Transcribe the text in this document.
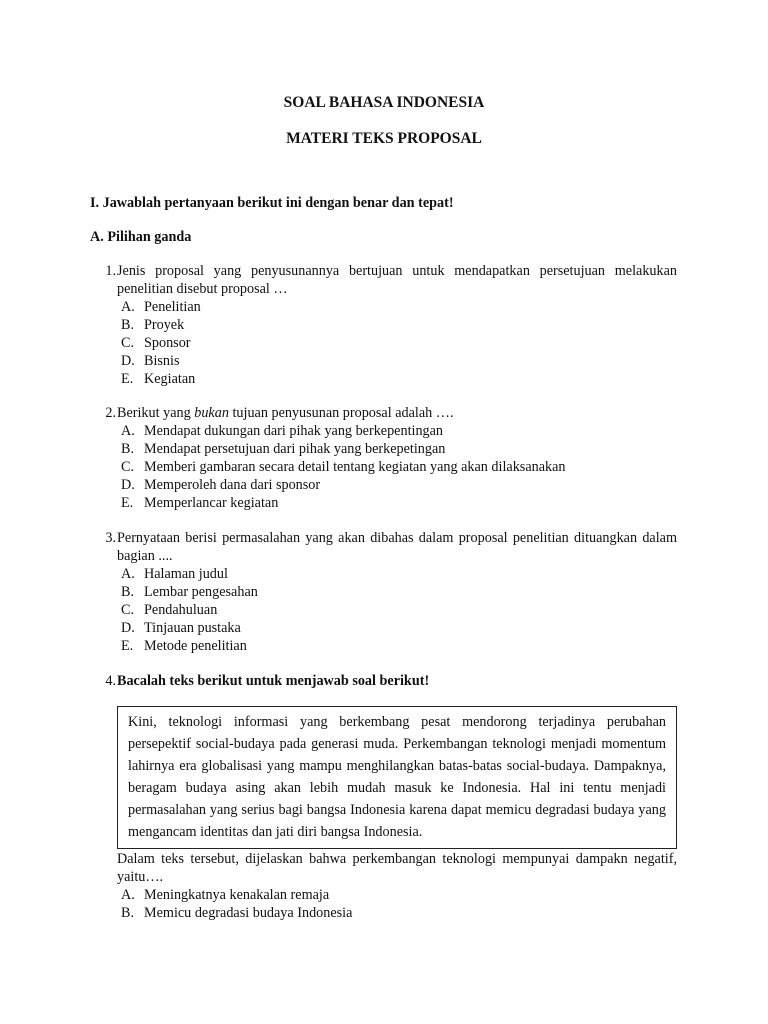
SOAL BAHASA INDONESIA
MATERI TEKS PROPOSAL

I. Jawablah pertanyaan berikut ini dengan benar dan tepat!

A. Pilihan ganda

1. Jenis proposal yang penyusunannya bertujuan untuk mendapatkan persetujuan melakukan penelitian disebut proposal …

A. Penelitian
B. Proyek
C. Sponsor
D. Bisnis
E. Kegiatan
2. Berikut yang bukan tujuan penyusunan proposal adalah ….

A. Mendapat dukungan dari pihak yang berkepentingan
B. Mendapat persetujuan dari pihak yang berkepetingan
C. Memberi gambaran secara detail tentang kegiatan yang akan dilaksanakan
D. Memperoleh dana dari sponsor
E. Memperlancar kegiatan
3. Pernyataan berisi permasalahan yang akan dibahas dalam proposal penelitian dituangkan dalam bagian ....

A. Halaman judul
B. Lembar pengesahan
C. Pendahuluan
D. Tinjauan pustaka
E. Metode penelitian
4. Bacalah teks berikut untuk menjawab soal berikut!

Kini, teknologi informasi yang berkembang pesat mendorong terjadinya perubahan persepektif social-budaya pada generasi muda. Perkembangan teknologi menjadi momentum lahirnya era globalisasi yang mampu menghilangkan batas-batas social-budaya. Dampaknya, beragam budaya asing akan lebih mudah masuk ke Indonesia. Hal ini tentu menjadi permasalahan yang serius bagi bangsa Indonesia karena dapat memicu degradasi budaya yang mengancam identitas dan jati diri bangsa Indonesia.

Dalam teks tersebut, dijelaskan bahwa perkembangan teknologi mempunyai dampakn negatif, yaitu….

A. Meningkatnya kenakalan remaja
B. Memicu degradasi budaya Indonesia
